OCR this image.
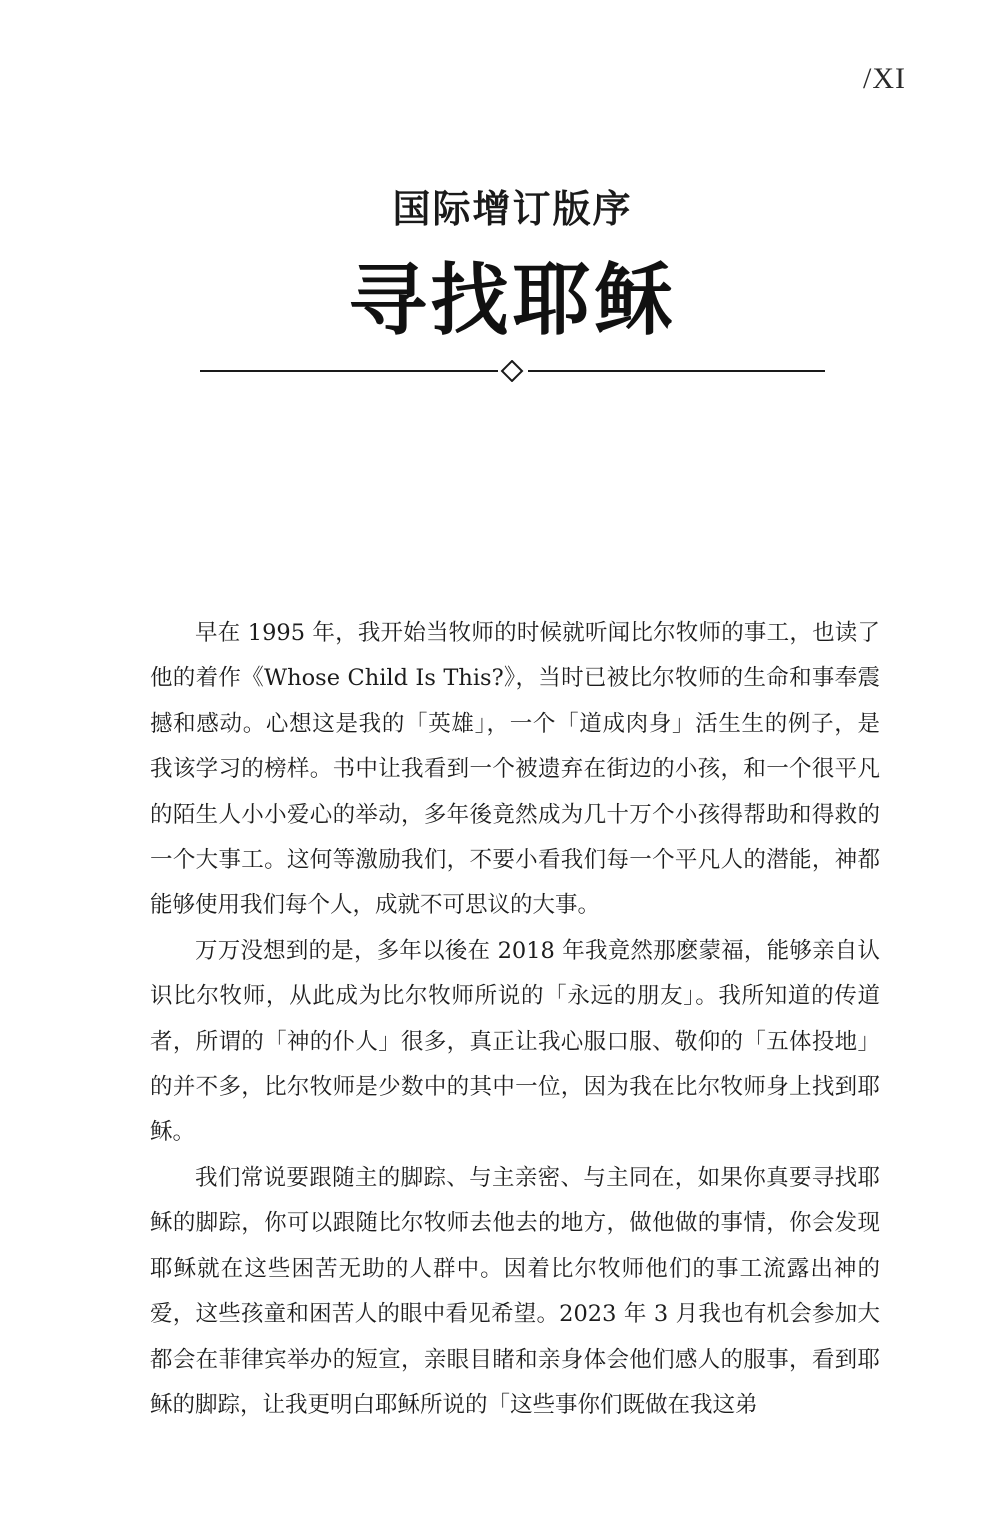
/XI
国际增订版序
寻找耶稣

早在 1995 年，我开始当牧师的时候就听闻比尔牧师的事工，也读了他的着作《Whose Child Is This?》，当时已被比尔牧师的生命和事奉震撼和感动。心想这是我的「英雄」，一个「道成肉身」活生生的例子，是我该学习的榜样。书中让我看到一个被遗弃在街边的小孩，和一个很平凡的陌生人小小爱心的举动，多年後竟然成为几十万个小孩得帮助和得救的一个大事工。这何等激励我们，不要小看我们每一个平凡人的潜能，神都能够使用我们每个人，成就不可思议的大事。

万万没想到的是，多年以後在 2018 年我竟然那麽蒙福，能够亲自认识比尔牧师，从此成为比尔牧师所说的「永远的朋友」。我所知道的传道者，所谓的「神的仆人」很多，真正让我心服口服、敬仰的「五体投地」的并不多，比尔牧师是少数中的其中一位，因为我在比尔牧师身上找到耶稣。

我们常说要跟随主的脚踪、与主亲密、与主同在，如果你真要寻找耶稣的脚踪，你可以跟随比尔牧师去他去的地方，做他做的事情，你会发现耶稣就在这些困苦无助的人群中。因着比尔牧师他们的事工流露出神的爱，这些孩童和困苦人的眼中看见希望。2023 年 3 月我也有机会参加大都会在菲律宾举办的短宣，亲眼目睹和亲身体会他们感人的服事，看到耶稣的脚踪，让我更明白耶稣所说的「这些事你们既做在我这弟
